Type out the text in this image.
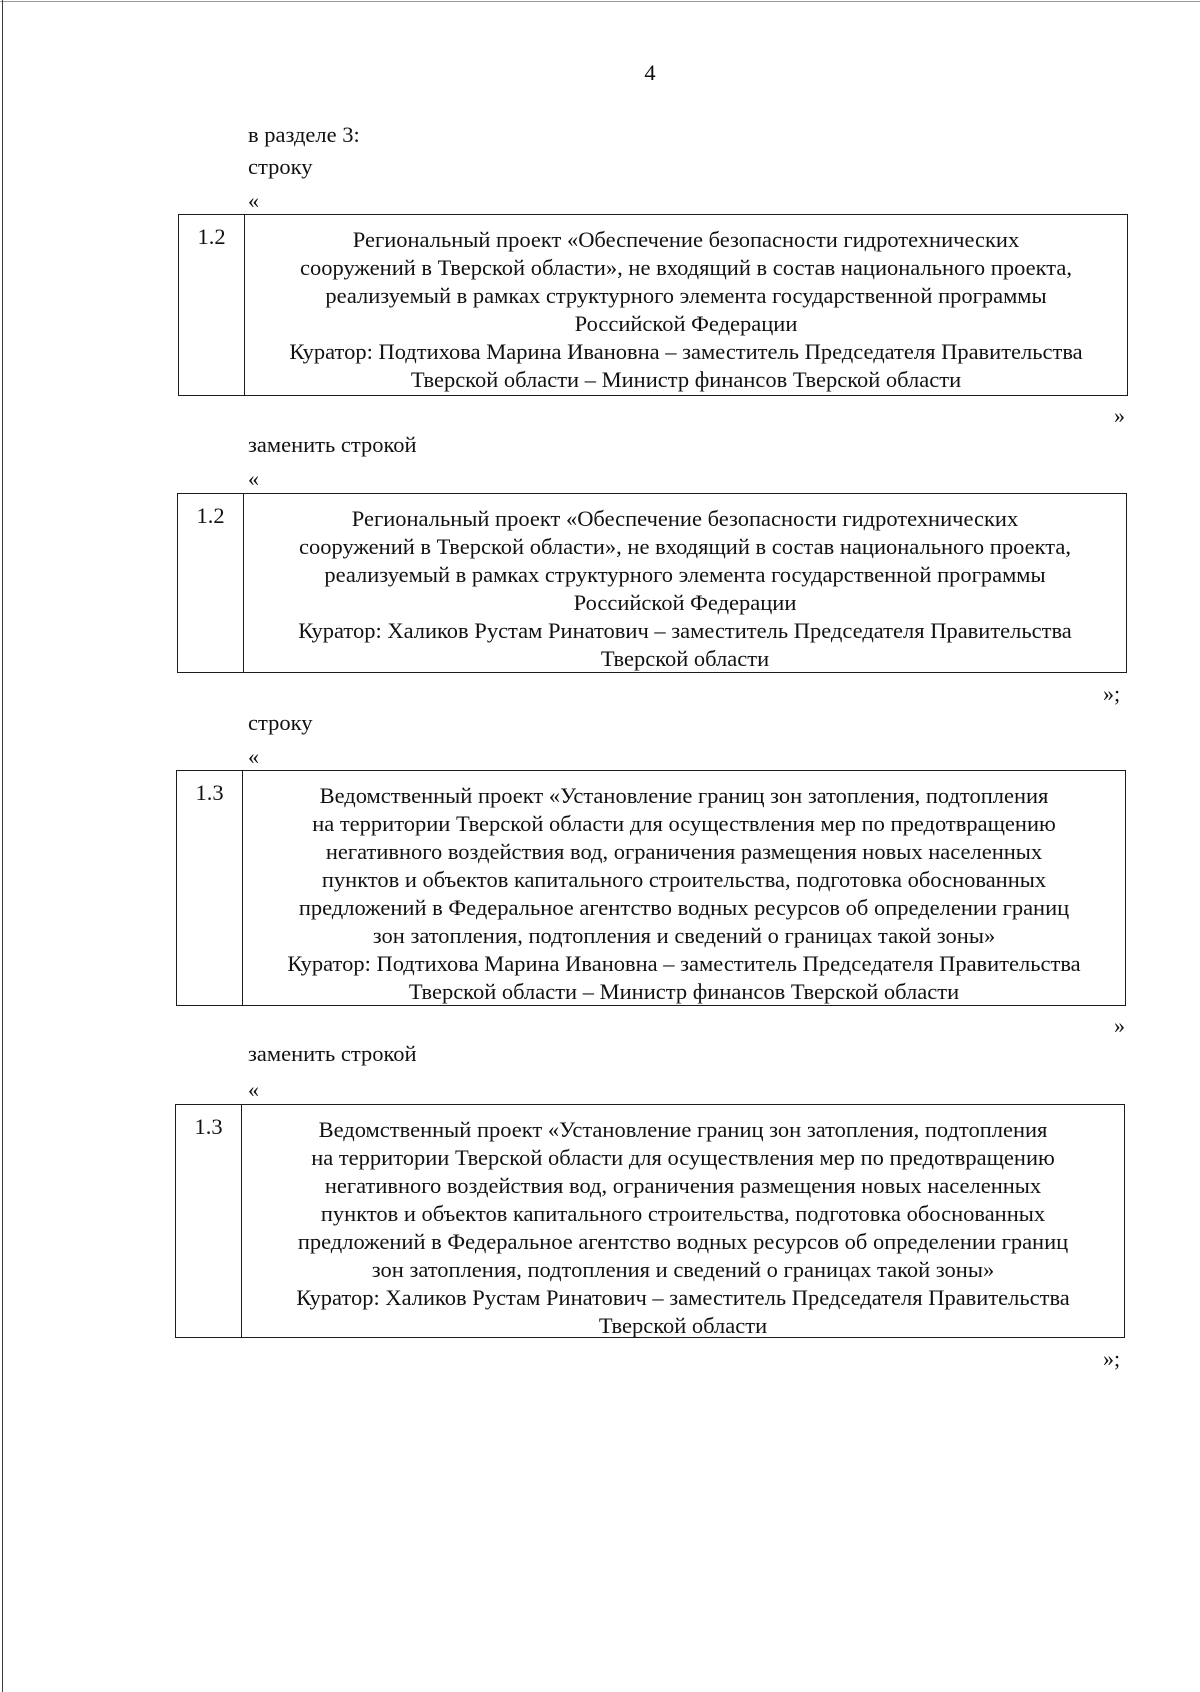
4

в разделе 3:

строку

«

1.2	Региональный проект «Обеспечение безопасности гидротехнических
сооружений в Тверской области», не входящий в состав национального проекта,
реализуемый в рамках структурного элемента государственной программы
Российской Федерации
Куратор: Подтихова Марина Ивановна – заместитель Председателя Правительства
Тверской области – Министр финансов Тверской области

»

заменить строкой

«

1.2	Региональный проект «Обеспечение безопасности гидротехнических
сооружений в Тверской области», не входящий в состав национального проекта,
реализуемый в рамках структурного элемента государственной программы
Российской Федерации
Куратор: Халиков Рустам Ринатович – заместитель Председателя Правительства
Тверской области

»;

строку

«

1.3	Ведомственный проект «Установление границ зон затопления, подтопления
на территории Тверской области для осуществления мер по предотвращению
негативного воздействия вод, ограничения размещения новых населенных
пунктов и объектов капитального строительства, подготовка обоснованных
предложений в Федеральное агентство водных ресурсов об определении границ
зон затопления, подтопления и сведений о границах такой зоны»
Куратор: Подтихова Марина Ивановна – заместитель Председателя Правительства
Тверской области – Министр финансов Тверской области

»

заменить строкой

«

1.3	Ведомственный проект «Установление границ зон затопления, подтопления
на территории Тверской области для осуществления мер по предотвращению
негативного воздействия вод, ограничения размещения новых населенных
пунктов и объектов капитального строительства, подготовка обоснованных
предложений в Федеральное агентство водных ресурсов об определении границ
зон затопления, подтопления и сведений о границах такой зоны»
Куратор: Халиков Рустам Ринатович – заместитель Председателя Правительства
Тверской области

»;
